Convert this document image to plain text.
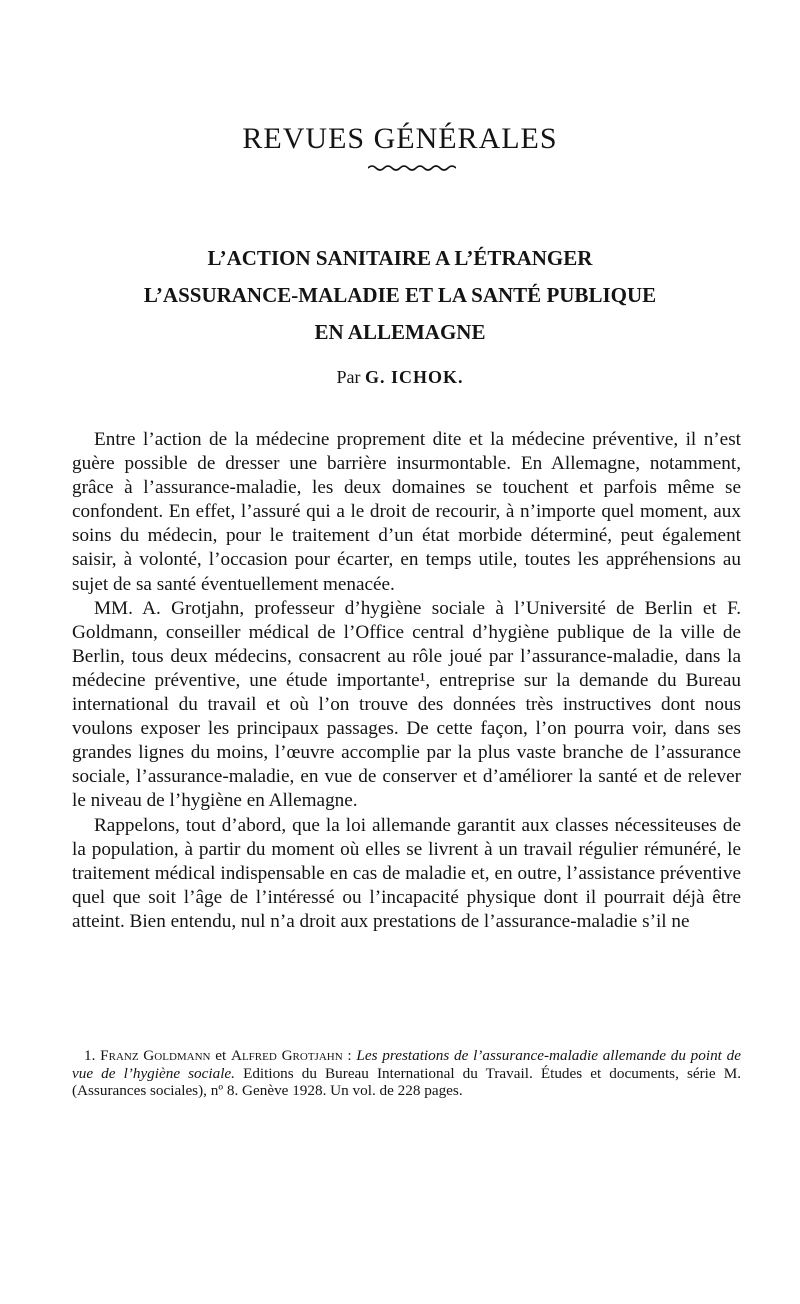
REVUES GÉNÉRALES
L’ACTION SANITAIRE A L’ÉTRANGER
L’ASSURANCE-MALADIE ET LA SANTÉ PUBLIQUE
EN ALLEMAGNE
Par G. ICHOK.

Entre l’action de la médecine proprement dite et la médecine préventive, il n’est guère possible de dresser une barrière insurmontable. En Allemagne, notamment, grâce à l’assurance-maladie, les deux domaines se touchent et parfois même se confondent. En effet, l’assuré qui a le droit de recourir, à n’importe quel moment, aux soins du médecin, pour le traitement d’un état morbide déterminé, peut également saisir, à volonté, l’occasion pour écarter, en temps utile, toutes les appréhensions au sujet de sa santé éventuellement menacée.

MM. A. Grotjahn, professeur d’hygiène sociale à l’Université de Berlin et F. Goldmann, conseiller médical de l’Office central d’hygiène publique de la ville de Berlin, tous deux médecins, consacrent au rôle joué par l’assurance-maladie, dans la médecine préventive, une étude importante¹, entreprise sur la demande du Bureau international du travail et où l’on trouve des données très instructives dont nous voulons exposer les principaux passages. De cette façon, l’on pourra voir, dans ses grandes lignes du moins, l’œuvre accomplie par la plus vaste branche de l’assurance sociale, l’assurance-maladie, en vue de conserver et d’améliorer la santé et de relever le niveau de l’hygiène en Allemagne.

Rappelons, tout d’abord, que la loi allemande garantit aux classes nécessiteuses de la population, à partir du moment où elles se livrent à un travail régulier rémunéré, le traitement médical indispensable en cas de maladie et, en outre, l’assistance préventive quel que soit l’âge de l’intéressé ou l’incapacité physique dont il pourrait déjà être atteint. Bien entendu, nul n’a droit aux prestations de l’assurance-maladie s’il ne

1. Franz Goldmann et Alfred Grotjahn : Les prestations de l’assurance-maladie allemande du point de vue de l’hygiène sociale. Editions du Bureau International du Travail. Études et documents, série M. (Assurances sociales), nº 8. Genève 1928. Un vol. de 228 pages.
